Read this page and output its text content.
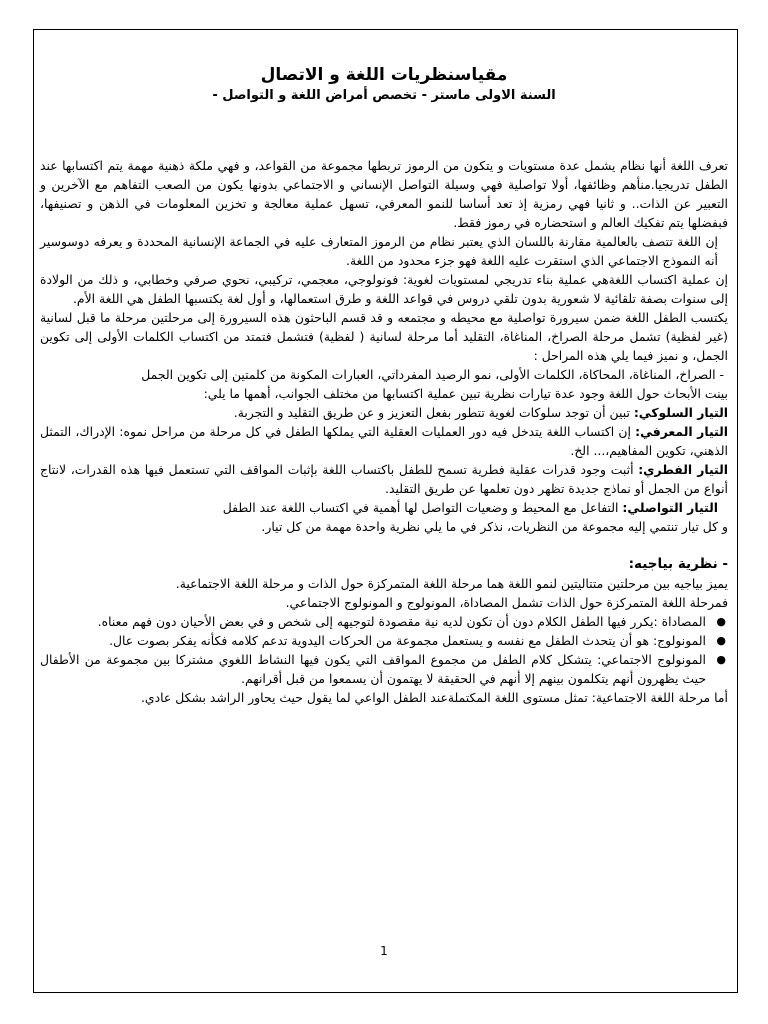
مقياسنظريات اللغة و الاتصال

السنة الاولى ماستر - تخصص أمراض اللغة و التواصل -

تعرف اللغة أنها نظام يشمل عدة مستويات و يتكون من الرموز تربطها مجموعة من القواعد، و فهي ملكة ذهنية مهمة يتم اكتسابها عند الطفل تدريجيا.منأهم وظائفها، أولا تواصلية فهي وسيلة التواصل الإنساني و الاجتماعي بدونها يكون من الصعب التفاهم مع الآخرين و التعبير عن الذات.. و ثانيا فهي رمزية إذ تعد أساسا للنمو المعرفي، تسهل عملية معالجة و تخزين المعلومات في الذهن و تصنيفها، فبفضلها يتم تفكيك العالم و استحضاره في رموز فقط.

إن اللغة تتصف بالعالمية مقارنة باللسان الذي يعتبر نظام من الرموز المتعارف عليه في الجماعة الإنسانية المحددة و يعرفه دوسوسير أنه النموذج الاجتماعي الذي استقرت عليه اللغة فهو جزء محدود من اللغة.

إن عملية اكتساب اللغةهي عملية بناء تدريجي لمستويات لغوية: فونولوجي، معجمي، تركيبي، نحوي صرفي وخطابي، و ذلك من الولادة إلى سنوات بصفة تلقائية لا شعورية بدون تلقي دروس في قواعد اللغة و طرق استعمالها، و أول لغة يكتسبها الطفل هي اللغة الأم.

يكتسب الطفل اللغة ضمن سيرورة تواصلية مع محيطه و مجتمعه و قد قسم الباحثون هذه السيرورة إلى مرحلتين مرحلة ما قبل لسانية (غير لفظية) تشمل مرحلة الصراخ، المناغاة، التقليد أما مرحلة لسانية ( لفظية) فتشمل فتمتد من اكتساب الكلمات الأولى إلى تكوين الجمل، و نميز فيما يلي هذه المراحل :

- الصراخ، المناغاة، المحاكاة، الكلمات الأولى، نمو الرصيد المفرداتي، العبارات المكونة من كلمتين إلى تكوين الجمل

بينت الأبحاث حول اللغة وجود عدة تيارات نظرية تبين عملية اكتسابها من مختلف الجوانب، أهمها ما يلي:

التيار السلوكي: تبين أن توجد سلوكات لغوية تتطور بفعل التعزيز و عن طريق التقليد و التجربة.

التيار المعرفي: إن اكتساب اللغة يتدخل فيه دور العمليات العقلية التي يملكها الطفل في كل مرحلة من مراحل نموه: الإدراك، التمثل الذهني، تكوين المفاهيم،... الخ.

التيار الفطري: أثبت وجود قدرات عقلية فطرية تسمح للطفل باكتساب اللغة بإثبات المواقف التي تستعمل فيها هذه القدرات، لانتاج أنواع من الجمل أو نماذج جديدة تظهر دون تعلمها عن طريق التقليد.

التيار التواصلي: التفاعل مع المحيط و وضعيات التواصل لها أهمية في اكتساب اللغة عند الطفل

و كل تيار تنتمي إليه مجموعة من النظريات، نذكر في ما يلي نظرية واحدة مهمة من كل تيار.

- نظرية بياجيه:

يميز بياجيه بين مرحلتين متتاليتين لنمو اللغة هما مرحلة اللغة المتمركزة حول الذات و مرحلة اللغة الاجتماعية.

فمرحلة اللغة المتمركزة حول الذات تشمل المصاداة، المونولوج و المونولوج الاجتماعي.

●
المصاداة :يكرر فيها الطفل الكلام دون أن تكون لديه نية مقصودة لتوجيهه إلى شخص و في بعض الأحيان دون فهم معناه.
●
المونولوج: هو أن يتحدث الطفل مع نفسه و يستعمل مجموعة من الحركات اليدوية تدعم كلامه فكأنه يفكر بصوت عال.
●
المونولوج الاجتماعي: يتشكل كلام الطفل من مجموع المواقف التي يكون فيها النشاط اللغوي مشتركا بين مجموعة من الأطفال حيث يظهرون أنهم يتكلمون بينهم إلا أنهم في الحقيقة لا يهتمون أن يسمعوا من قبل أقرانهم.

أما مرحلة اللغة الاجتماعية: تمثل مستوى اللغة المكتملةعند الطفل الواعي لما يقول حيث يحاور الراشد بشكل عادي.

1
